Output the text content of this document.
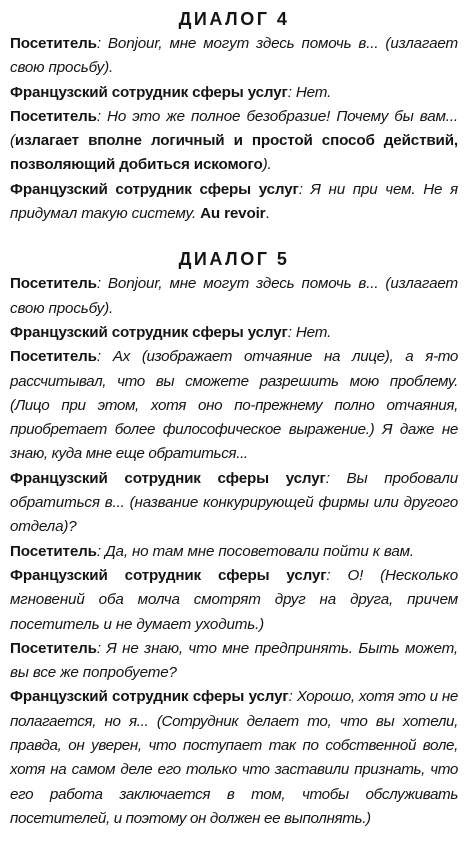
ДИАЛОГ 4

Посетитель: Bonjour, мне могут здесь помочь в... (излагает свою просьбу).

Французский сотрудник сферы услуг: Нет.

Посетитель: Но это же полное безобразие! Почему бы вам... (излагает вполне логичный и простой способ действий, позволяющий добиться искомого).

Французский сотрудник сферы услуг: Я ни при чем. Не я придумал такую систему. Au revoir.

ДИАЛОГ 5

Посетитель: Bonjour, мне могут здесь помочь в... (излагает свою просьбу).

Французский сотрудник сферы услуг: Нет.

Посетитель: Ах (изображает отчаяние на лице), а я-то рассчитывал, что вы сможете разрешить мою проблему. (Лицо при этом, хотя оно по-прежнему полно отчаяния, приобретает более философическое выражение.) Я даже не знаю, куда мне еще обратиться...

Французский сотрудник сферы услуг: Вы пробовали обратиться в... (название конкурирующей фирмы или другого отдела)?

Посетитель: Да, но там мне посоветовали пойти к вам.

Французский сотрудник сферы услуг: О! (Несколько мгновений оба молча смотрят друг на друга, причем посетитель и не думает уходить.)

Посетитель: Я не знаю, что мне предпринять. Быть может, вы все же попробуете?

Французский сотрудник сферы услуг: Хорошо, хотя это и не полагается, но я... (Сотрудник делает то, что вы хотели, правда, он уверен, что поступает так по собственной воле, хотя на самом деле его только что заставили признать, что его работа заключается в том, чтобы обслуживать посетителей, и поэтому он должен ее выполнять.)
